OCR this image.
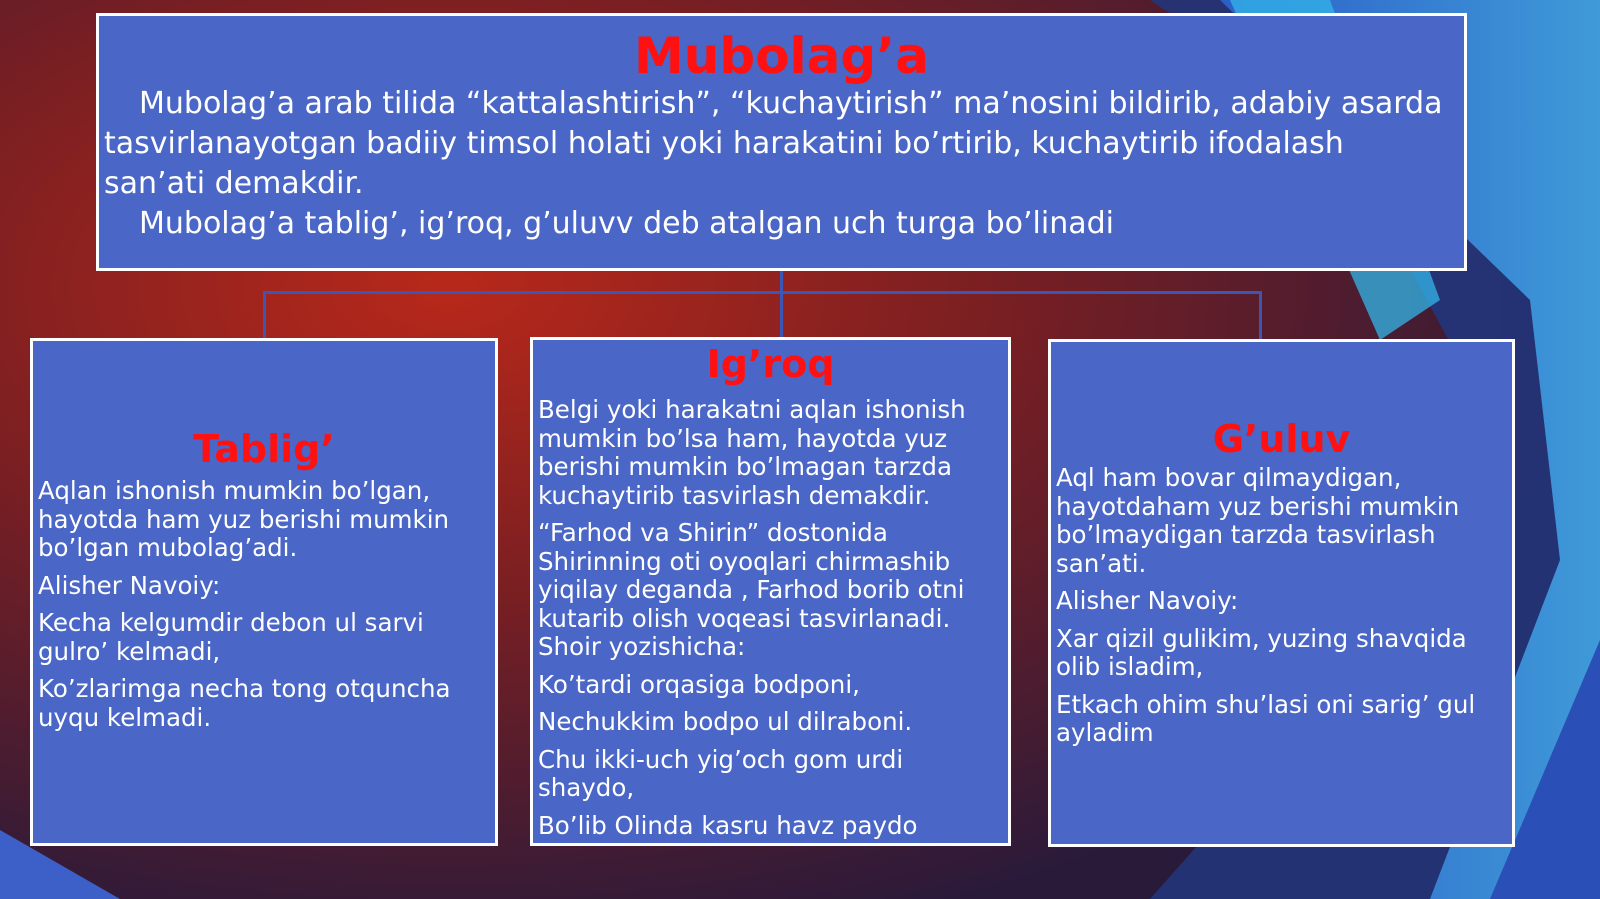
Mubolag’a

Mubolag’a arab tilida “kattalashtirish”, “kuchaytirish” ma’nosini bildirib, adabiy asarda tasvirlanayotgan badiiy timsol holati yoki harakatini bo’rtirib, kuchaytirib ifodalash san’ati demakdir.

Mubolag’a tablig’, ig’roq, g’uluvv deb atalgan uch turga bo’linadi

Tablig’

Aqlan ishonish mumkin bo’lgan, hayotda ham yuz berishi mumkin bo’lgan mubolag’adi.

Alisher Navoiy:

Kecha kelgumdir debon ul sarvi gulro’ kelmadi,

Ko’zlarimga necha tong otquncha uyqu kelmadi.

Ig’roq

Belgi yoki harakatni aqlan ishonish mumkin bo’lsa ham, hayotda yuz berishi mumkin bo’lmagan tarzda kuchaytirib tasvirlash demakdir.

“Farhod va Shirin” dostonida Shirinning oti oyoqlari chirmashib yiqilay deganda , Farhod borib otni kutarib olish voqeasi tasvirlanadi. Shoir yozishicha:

Ko’tardi orqasiga bodponi,

Nechukkim bodpo ul dilraboni.

Chu ikki-uch yig’och gom urdi shaydo,

Bo’lib Olinda kasru havz paydo

G’uluv

Aql ham bovar qilmaydigan, hayotdaham yuz berishi mumkin bo’lmaydigan tarzda tasvirlash san’ati.

Alisher Navoiy:

Xar qizil gulikim, yuzing shavqida olib isladim,

Etkach ohim shu’lasi oni sarig’ gul ayladim
